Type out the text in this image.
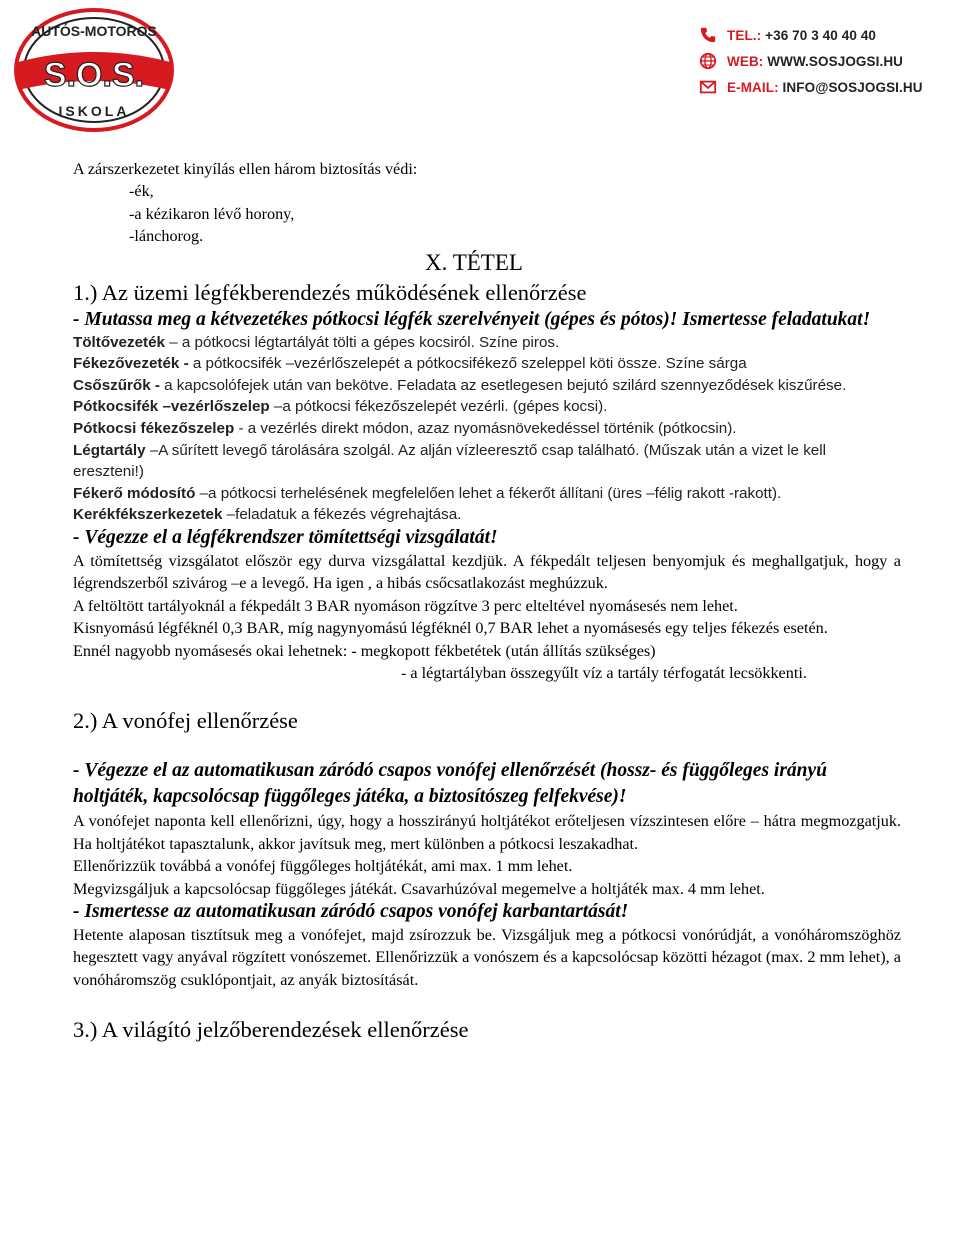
AUTÓS-MOTOROS
S.O.S.
ISKOLA
TEL.: +36 70 3 40 40 40
WEB: WWW.SOSJOGSI.HU
E-MAIL: INFO@SOSJOGSI.HU

A zárszerkezetet kinyílás ellen három biztosítás védi:

-ék,

-a kézikaron lévő horony,

-lánchorog.

X. TÉTEL

1.) Az üzemi légfékberendezés működésének ellenőrzése

- Mutassa meg a kétvezetékes pótkocsi légfék szerelvényeit (gépes és pótos)! Ismertesse feladatukat!

Töltővezeték – a pótkocsi légtartályát tölti a gépes kocsiról. Színe piros.

Fékezővezeték - a pótkocsifék –vezérlőszelepét a pótkocsifékező szeleppel köti össze. Színe sárga

Csőszűrők - a kapcsolófejek után van bekötve. Feladata az esetlegesen bejutó szilárd szennyeződések kiszűrése.

Pótkocsifék –vezérlőszelep –a pótkocsi fékezőszelepét vezérli. (gépes kocsi).

Pótkocsi fékezőszelep - a vezérlés direkt módon, azaz nyomásnövekedéssel történik (pótkocsin).

Légtartály –A sűrített levegő tárolására szolgál. Az alján vízleeresztő csap található. (Műszak után a vizet le kell ereszteni!)

Fékerő módosító –a pótkocsi terhelésének megfelelően lehet a fékerőt állítani (üres –félig rakott -rakott).

Kerékfékszerkezetek –feladatuk a fékezés végrehajtása.

- Végezze el a légfékrendszer tömítettségi vizsgálatát!

A tömítettség vizsgálatot először egy durva vizsgálattal kezdjük. A fékpedált teljesen benyomjuk és meghallgatjuk, hogy a légrendszerből szivárog –e a levegő. Ha igen , a hibás csőcsatlakozást meghúzzuk.

A feltöltött tartályoknál a fékpedált 3 BAR nyomáson rögzítve 3 perc elteltével nyomásesés nem lehet.

Kisnyomású légféknél 0,3 BAR, míg nagynyomású légféknél 0,7 BAR lehet a nyomásesés egy teljes fékezés esetén.

Ennél nagyobb nyomásesés okai lehetnek: - megkopott fékbetétek (után állítás szükséges)

- a légtartályban összegyűlt víz a tartály térfogatát lecsökkenti.

2.) A vonófej ellenőrzése

- Végezze el az automatikusan záródó csapos vonófej ellenőrzését (hossz- és függőleges irányú holtjáték, kapcsolócsap függőleges játéka, a biztosítószeg felfekvése)!

A vonófejet naponta kell ellenőrizni, úgy, hogy a hosszirányú holtjátékot erőteljesen vízszintesen előre – hátra megmozgatjuk. Ha holtjátékot tapasztalunk, akkor javítsuk meg, mert különben a pótkocsi leszakadhat.

Ellenőrizzük továbbá a vonófej függőleges holtjátékát, ami max. 1 mm lehet.

Megvizsgáljuk a kapcsolócsap függőleges játékát. Csavarhúzóval megemelve a holtjáték max. 4 mm lehet.

- Ismertesse az automatikusan záródó csapos vonófej karbantartását!

Hetente alaposan tisztítsuk meg a vonófejet, majd zsírozzuk be. Vizsgáljuk meg a pótkocsi vonórúdját, a vonóháromszöghöz hegesztett vagy anyával rögzített vonószemet. Ellenőrizzük a vonószem és a kapcsolócsap közötti hézagot (max. 2 mm lehet), a vonóháromszög csuklópontjait, az anyák biztosítását.

3.) A világító jelzőberendezések ellenőrzése
